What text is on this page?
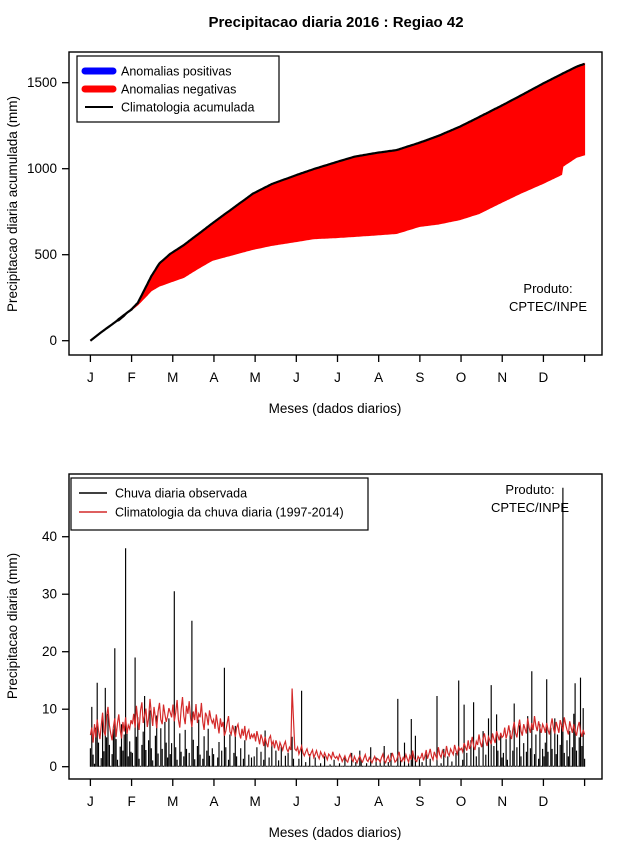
Precipitacao diaria 2016 : Regiao 42
0
500
1000
1500
J F M A M J	J A S O N D
Precipitacao diaria acumulada (mm)
Meses (dados diarios)
Anomalias positivas
Anomalias negativas
Climatologia acumulada
Produto:
CPTEC/INPE
0
10
20
30
40
J F M A M J	J A S O N D
Precipitacao diaria (mm)
Meses (dados diarios)
Chuva diaria observada
Climatologia da chuva diaria (1997-2014)
Produto:
CPTEC/INPE
